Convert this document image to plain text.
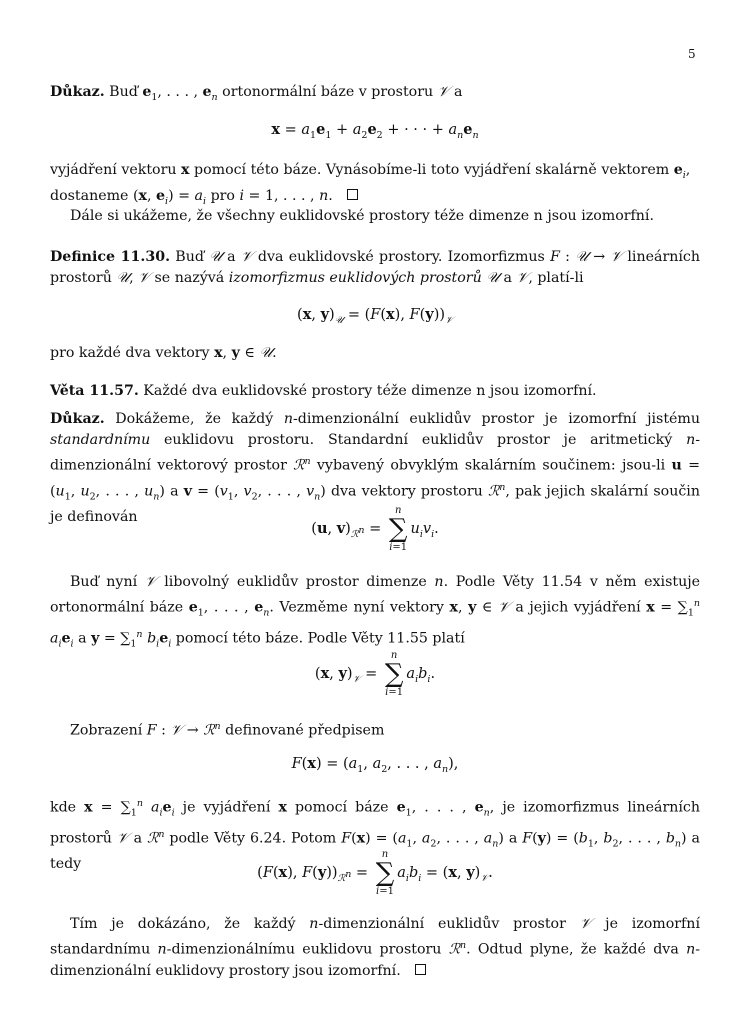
5
Důkaz. Buď $e_1$, . . . , $e_n$ ortonormální báze v prostoru 𝒱 a
$x = a_1e_1 + a_2e_2$ + · · · + $a_ne_n$
vyjádření vektoru x pomocí této báze. Vynásobíme-li toto vyjádření skalárně vektorem $e_i$,
dostaneme (x, $e_i) = a_i$ pro i = 1, . . . , n.
Dále si ukážeme, že všechny euklidovské prostory téže dimenze n jsou izomorfní.
Definice 11.30. Buď 𝒰 a 𝒱 dva euklidovské prostory. Izomorfizmus F : 𝒰 → 𝒱 lineárních prostorů 𝒰, 𝒱 se nazývá izomorfizmus euklidových prostorů 𝒰 a 𝒱, platí-li
(x, $y)_𝒰 = (F(x)$, $F(y))_𝒱$
pro každé dva vektory x, y ∈ 𝒰.
Věta 11.57. Každé dva euklidovské prostory téže dimenze n jsou izomorfní.
Důkaz. Dokážeme, že každý n-dimenzionální euklidův prostor je izomorfní jistému standardnímu euklidovu prostoru. Standardní euklidův prostor je aritmetický n-dimenzionální vektorový prostor ℛ$^n$ vybavený obvyklým skalárním součinem: jsou-li $u = (u_1$, $u_2$, . . . , $u_n$) a $v = (v_1$, $v_2$, . . . , $v_n$) dva vektory prostoru ℛ$^n$, pak jejich skalární součin je definován
(u, $v)_{ℛ^n}$ =
n
∑
i=1
$u_iv_i$.
Buď nyní 𝒱 libovolný euklidův prostor dimenze n. Podle Věty 11.54 v něm existuje ortonormální báze $e_1$, . . . , $e_n$. Vezměme nyní vektory x, y ∈ 𝒱 a jejich vyjádření $x = \sum_1^n$ $a_ie_i$ a $y = \sum_1^n$ $b_ie_i$ pomocí této báze. Podle Věty 11.55 platí
(x, $y)_𝒱$ =
n
∑
i=1
$a_ib_i$.
Zobrazení F : 𝒱 → ℛ$^n$ definované předpisem
$F(x) = (a_1$, $a_2$, . . . , $a_n$),
kde $x = \sum_1^n$ $a_ie_i$ je vyjádření x pomocí báze $e_1$, . . . , $e_n$, je izomorfizmus lineárních prostorů 𝒱 a ℛ$^n$ podle Věty 6.24. Potom $F(x) = (a_1$, $a_2$, . . . , $a_n$) a $F(y) = (b_1$, $b_2$, . . . , $b_n$) a tedy
(F(x), $F(y))_{ℛ^n}$ =
n
∑
i=1
$a_ib_i = (x$, $y)_𝒱$.
Tím je dokázáno, že každý n-dimenzionální euklidův prostor 𝒱 je izomorfní standardnímu n-dimenzionálnímu euklidovu prostoru ℛ$^n$. Odtud plyne, že každé dva n-dimenzionální euklidovy prostory jsou izomorfní.
